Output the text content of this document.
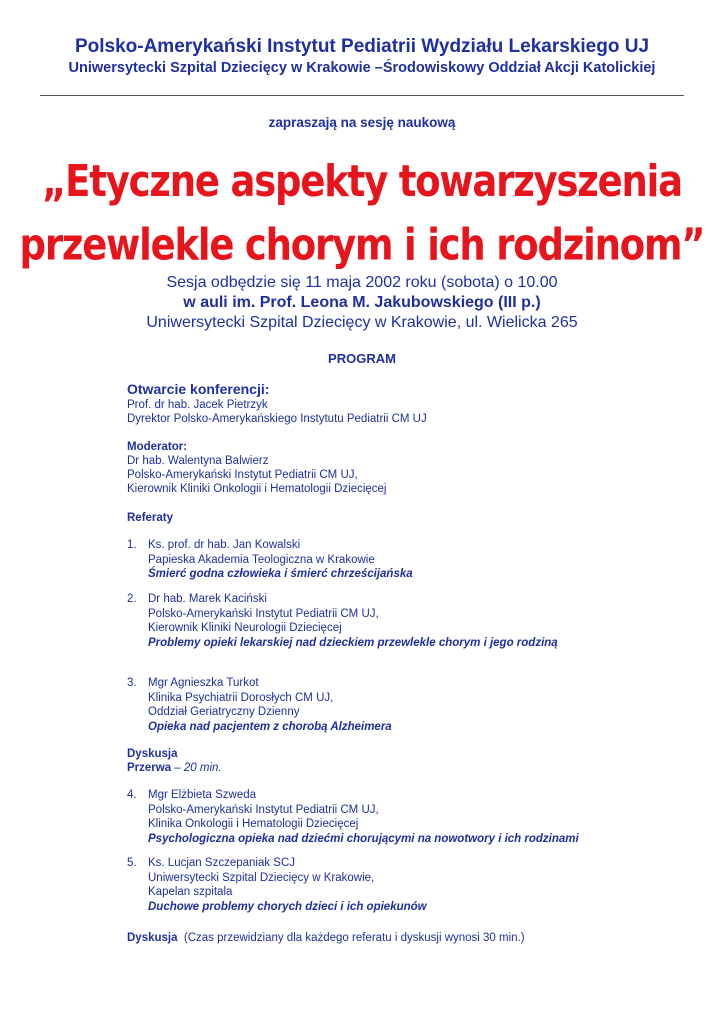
Polsko-Amerykański Instytut Pediatrii Wydziału Lekarskiego UJ
Uniwersytecki Szpital Dziecięcy w Krakowie –Środowiskowy Oddział Akcji Katolickiej
zapraszają na sesję naukową
„Etyczne aspekty towarzyszenia
przewlekle chorym i ich rodzinom”
Sesja odbędzie się 11 maja 2002 roku (sobota) o 10.00
w auli im. Prof. Leona M. Jakubowskiego (III p.)
Uniwersytecki Szpital Dziecięcy w Krakowie, ul. Wielicka 265
PROGRAM
Otwarcie konferencji:
Prof. dr hab. Jacek Pietrzyk
Dyrektor Polsko-Amerykańskiego Instytutu Pediatrii CM UJ
Moderator:
Dr hab. Walentyna Balwierz
Polsko-Amerykański Instytut Pediatrii CM UJ,
Kierownik Kliniki Onkologii i Hematologii Dziecięcej
Referaty
1. Ks. prof. dr hab. Jan Kowalski
Papieska Akademia Teologiczna w Krakowie
Śmierć godna człowieka i śmierć chrześcijańska
2. Dr hab. Marek Kaciński
Polsko-Amerykański Instytut Pediatrii CM UJ,
Kierownik Kliniki Neurologii Dziecięcej
Problemy opieki lekarskiej nad dzieckiem przewlekle chorym i jego rodziną
3. Mgr Agnieszka Turkot
Klinika Psychiatrii Dorosłych CM UJ,
Oddział Geriatryczny Dzienny
Opieka nad pacjentem z chorobą Alzheimera
Dyskusja
Przerwa – 20 min.
4. Mgr Elżbieta Szweda
Polsko-Amerykański Instytut Pediatrii CM UJ,
Klinika Onkologii i Hematologii Dziecięcej
Psychologiczna opieka nad dziećmi chorującymi na nowotwory i ich rodzinami
5. Ks. Lucjan Szczepaniak SCJ
Uniwersytecki Szpital Dziecięcy w Krakowie,
Kapelan szpitala
Duchowe problemy chorych dzieci i ich opiekunów
Dyskusja  (Czas przewidziany dla każdego referatu i dyskusji wynosi 30 min.)
